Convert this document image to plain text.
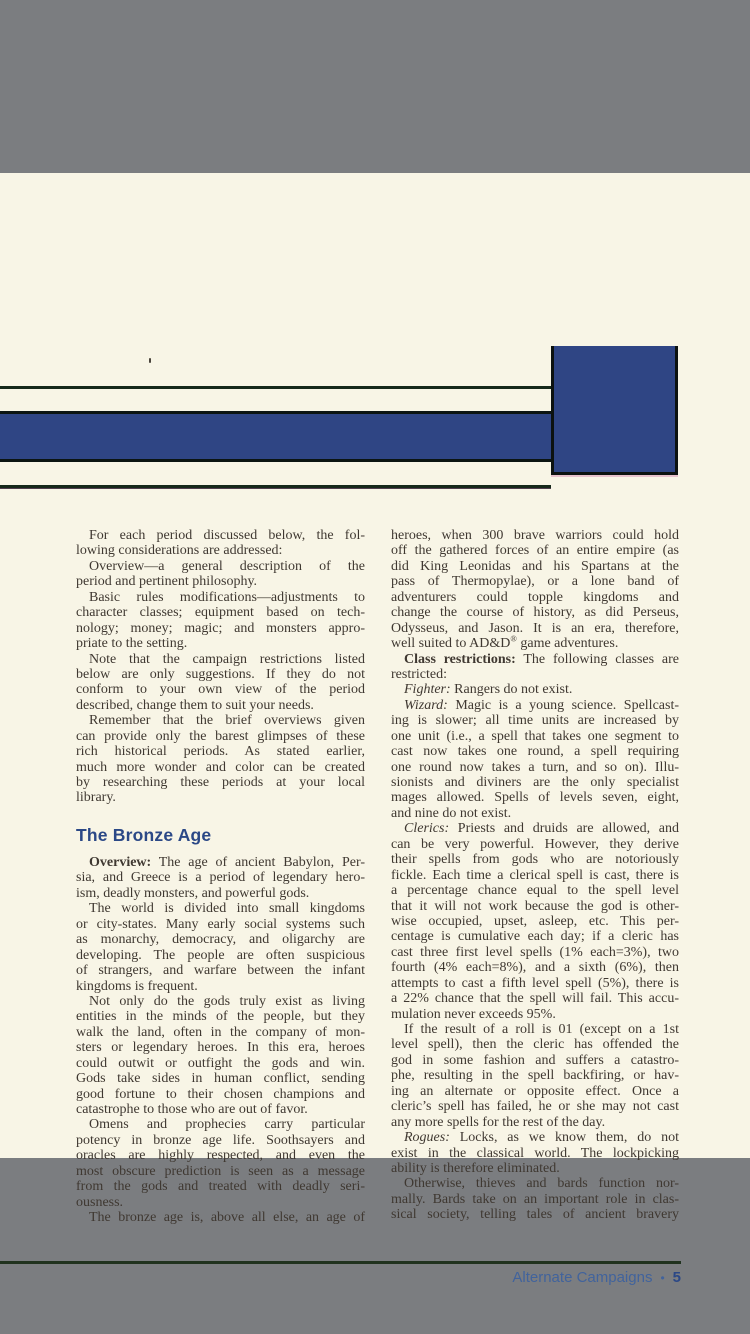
For each period discussed below, the fol-
lowing considerations are addressed:
Overview—a general description of the
period and pertinent philosophy.
Basic rules modifications—adjustments to
character classes; equipment based on tech-
nology; money; magic; and monsters appro-
priate to the setting.
Note that the campaign restrictions listed
below are only suggestions. If they do not
conform to your own view of the period
described, change them to suit your needs.
Remember that the brief overviews given
can provide only the barest glimpses of these
rich historical periods. As stated earlier,
much more wonder and color can be created
by researching these periods at your local
library.
The Bronze Age
Overview: The age of ancient Babylon, Per-
sia, and Greece is a period of legendary hero-
ism, deadly monsters, and powerful gods.
The world is divided into small kingdoms
or city-states. Many early social systems such
as monarchy, democracy, and oligarchy are
developing. The people are often suspicious
of strangers, and warfare between the infant
kingdoms is frequent.
Not only do the gods truly exist as living
entities in the minds of the people, but they
walk the land, often in the company of mon-
sters or legendary heroes. In this era, heroes
could outwit or outfight the gods and win.
Gods take sides in human conflict, sending
good fortune to their chosen champions and
catastrophe to those who are out of favor.
Omens and prophecies carry particular
potency in bronze age life. Soothsayers and
oracles are highly respected, and even the
most obscure prediction is seen as a message
from the gods and treated with deadly seri-
ousness.
The bronze age is, above all else, an age of
heroes, when 300 brave warriors could hold
off the gathered forces of an entire empire (as
did King Leonidas and his Spartans at the
pass of Thermopylae), or a lone band of
adventurers could topple kingdoms and
change the course of history, as did Perseus,
Odysseus, and Jason. It is an era, therefore,
well suited to AD&D® game adventures.
Class restrictions: The following classes are
restricted:
Fighter: Rangers do not exist.
Wizard: Magic is a young science. Spellcast-
ing is slower; all time units are increased by
one unit (i.e., a spell that takes one segment to
cast now takes one round, a spell requiring
one round now takes a turn, and so on). Illu-
sionists and diviners are the only specialist
mages allowed. Spells of levels seven, eight,
and nine do not exist.
Clerics: Priests and druids are allowed, and
can be very powerful. However, they derive
their spells from gods who are notoriously
fickle. Each time a clerical spell is cast, there is
a percentage chance equal to the spell level
that it will not work because the god is other-
wise occupied, upset, asleep, etc. This per-
centage is cumulative each day; if a cleric has
cast three first level spells (1% each=3%), two
fourth (4% each=8%), and a sixth (6%), then
attempts to cast a fifth level spell (5%), there is
a 22% chance that the spell will fail. This accu-
mulation never exceeds 95%.
If the result of a roll is 01 (except on a 1st
level spell), then the cleric has offended the
god in some fashion and suffers a catastro-
phe, resulting in the spell backfiring, or hav-
ing an alternate or opposite effect. Once a
cleric’s spell has failed, he or she may not cast
any more spells for the rest of the day.
Rogues: Locks, as we know them, do not
exist in the classical world. The lockpicking
ability is therefore eliminated.
Otherwise, thieves and bards function nor-
mally. Bards take on an important role in clas-
sical society, telling tales of ancient bravery
Alternate Campaigns • 5
